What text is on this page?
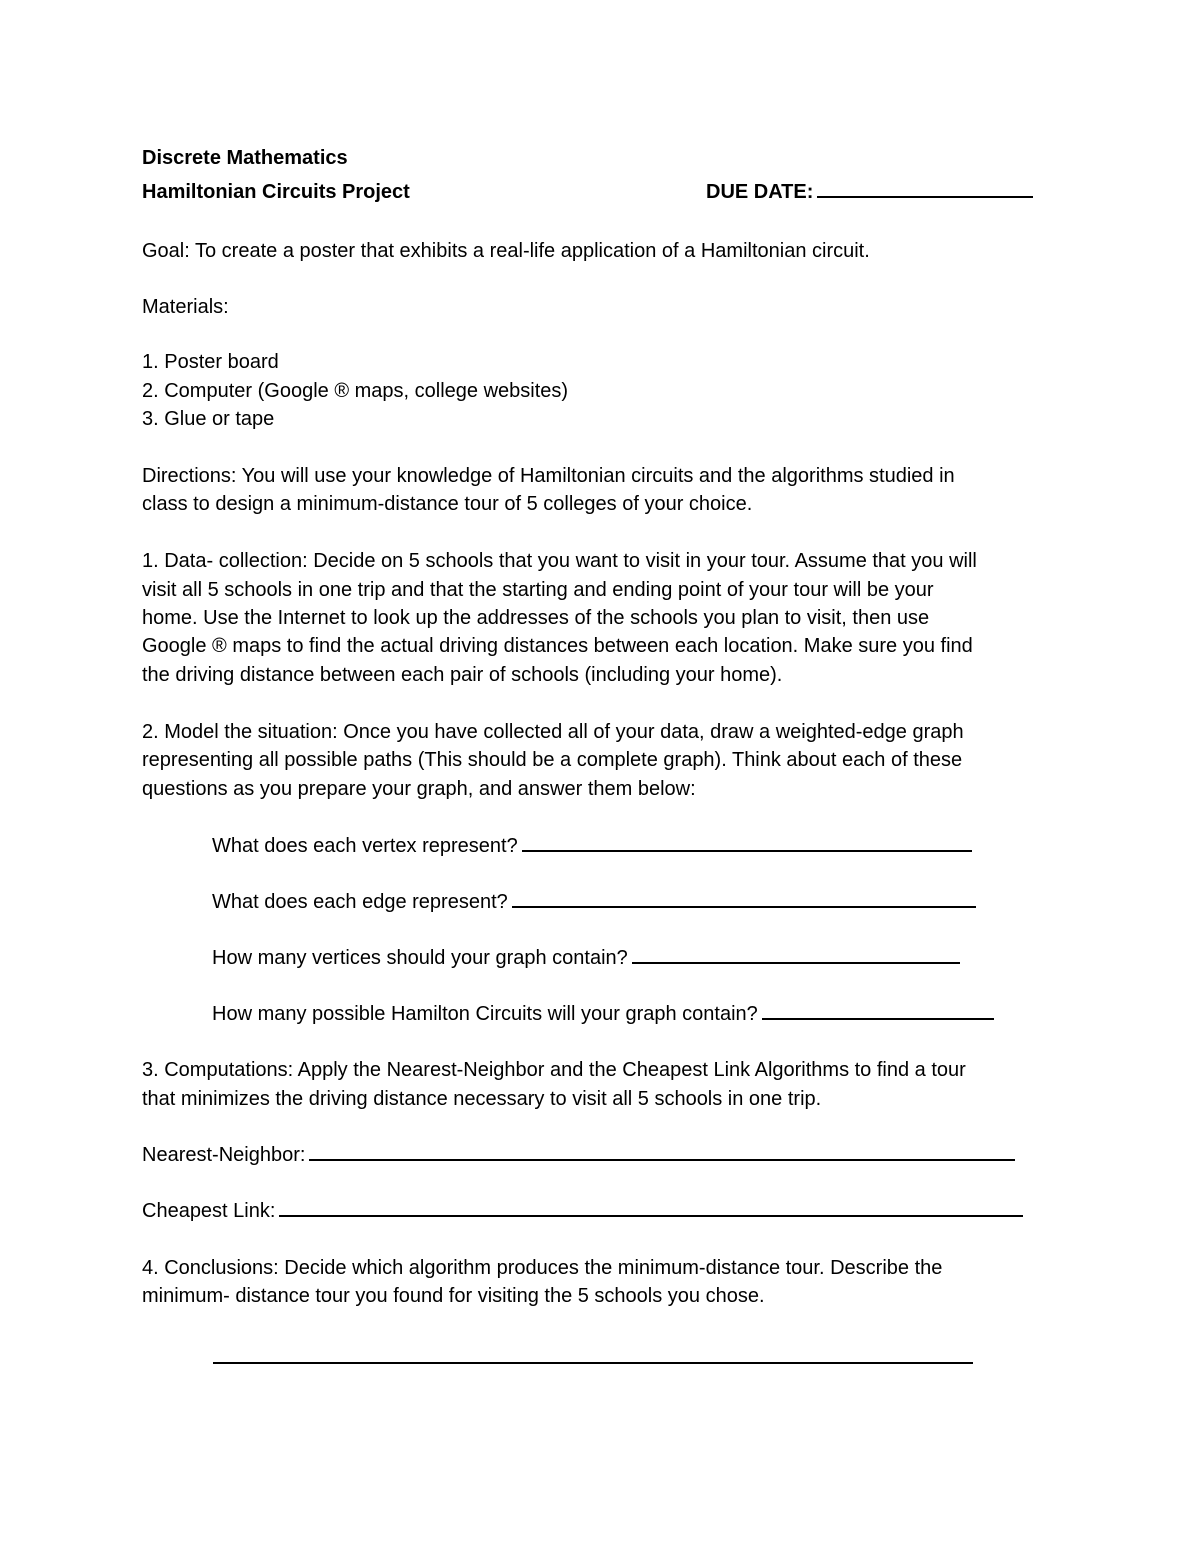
Discrete Mathematics
Hamiltonian Circuits Project	DUE DATE:
Goal: To create a poster that exhibits a real-life application of a Hamiltonian circuit.
Materials:
1. Poster board
2. Computer (Google ® maps, college websites)
3. Glue or tape
Directions: You will use your knowledge of Hamiltonian circuits and the algorithms studied in
class to design a minimum-distance tour of 5 colleges of your choice.
1. Data- collection: Decide on 5 schools that you want to visit in your tour. Assume that you will
visit all 5 schools in one trip and that the starting and ending point of your tour will be your
home. Use the Internet to look up the addresses of the schools you plan to visit, then use
Google ® maps to find the actual driving distances between each location. Make sure you find
the driving distance between each pair of schools (including your home).
2. Model the situation: Once you have collected all of your data, draw a weighted-edge graph
representing all possible paths (This should be a complete graph). Think about each of these
questions as you prepare your graph, and answer them below:
What does each vertex represent?
What does each edge represent?
How many vertices should your graph contain?
How many possible Hamilton Circuits will your graph contain?
3. Computations: Apply the Nearest-Neighbor and the Cheapest Link Algorithms to find a tour
that minimizes the driving distance necessary to visit all 5 schools in one trip.
Nearest-Neighbor:
Cheapest Link:
4. Conclusions: Decide which algorithm produces the minimum-distance tour. Describe the
minimum- distance tour you found for visiting the 5 schools you chose.
